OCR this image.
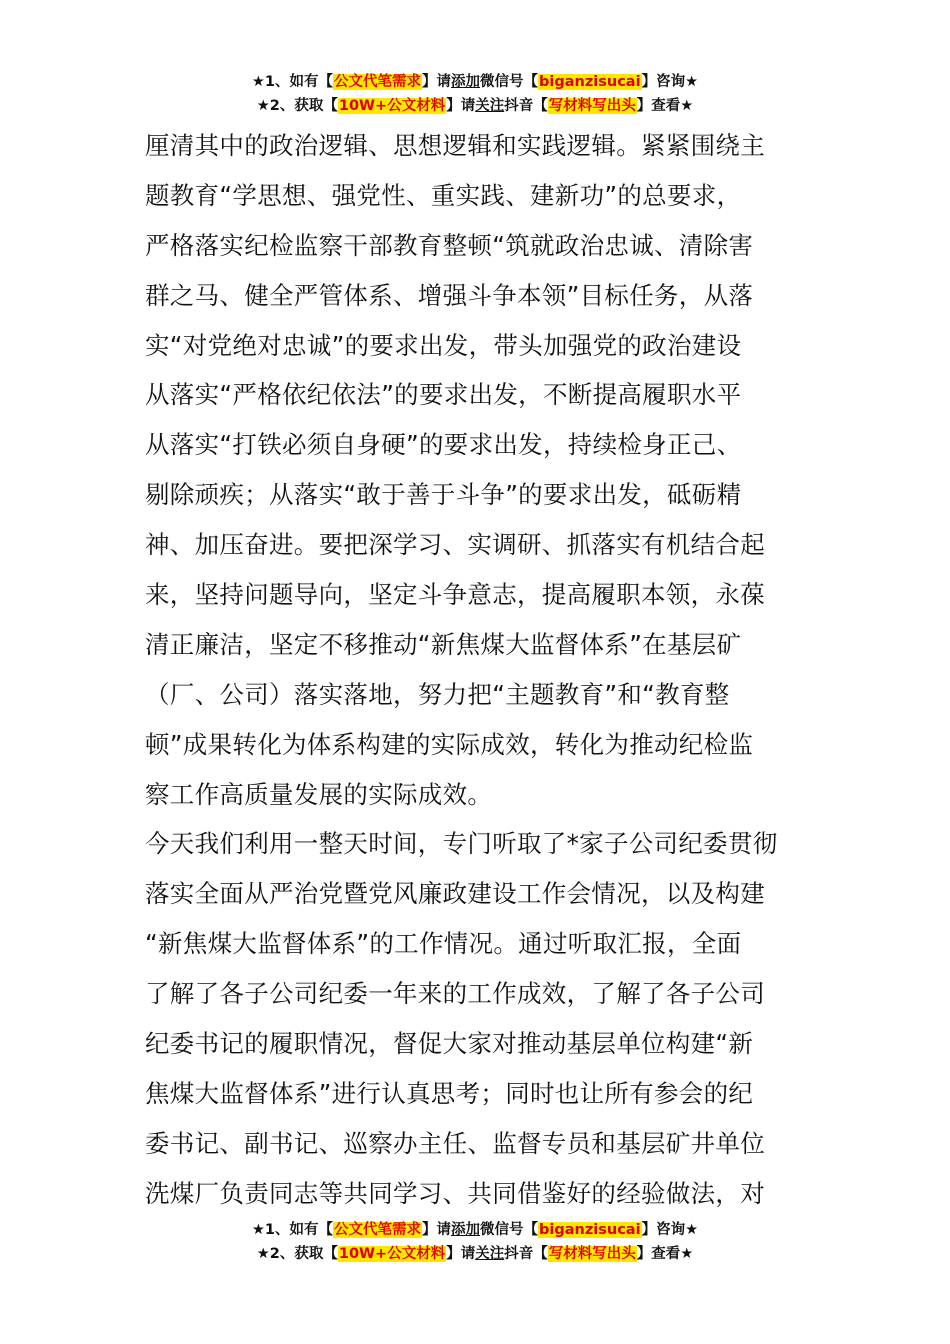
★1、如有【公文代笔需求】请添加微信号【biganzisucai】咨询★
★2、获取【10W+公文材料】请关注抖音【写材料写出头】查看★
厘清其中的政治逻辑、思想逻辑和实践逻辑。紧紧围绕主
题教育“学思想、强党性、重实践、建新功”的总要求，
严格落实纪检监察干部教育整顿“筑就政治忠诚、清除害
群之马、健全严管体系、增强斗争本领”目标任务，从落
实“对党绝对忠诚”的要求出发，带头加强党的政治建设
从落实“严格依纪依法”的要求出发，不断提高履职水平
从落实“打铁必须自身硬”的要求出发，持续检身正己、
剔除顽疾；从落实“敢于善于斗争”的要求出发，砥砺精
神、加压奋进。要把深学习、实调研、抓落实有机结合起
来，坚持问题导向，坚定斗争意志，提高履职本领，永葆
清正廉洁，坚定不移推动“新焦煤大监督体系”在基层矿
（厂、公司）落实落地，努力把“主题教育”和“教育整
顿”成果转化为体系构建的实际成效，转化为推动纪检监
察工作高质量发展的实际成效。
今天我们利用一整天时间，专门听取了*家子公司纪委贯彻
落实全面从严治党暨党风廉政建设工作会情况，以及构建
“新焦煤大监督体系”的工作情况。通过听取汇报，全面
了解了各子公司纪委一年来的工作成效，了解了各子公司
纪委书记的履职情况，督促大家对推动基层单位构建“新
焦煤大监督体系”进行认真思考；同时也让所有参会的纪
委书记、副书记、巡察办主任、监督专员和基层矿井单位
洗煤厂负责同志等共同学习、共同借鉴好的经验做法，对
★1、如有【公文代笔需求】请添加微信号【biganzisucai】咨询★
★2、获取【10W+公文材料】请关注抖音【写材料写出头】查看★
